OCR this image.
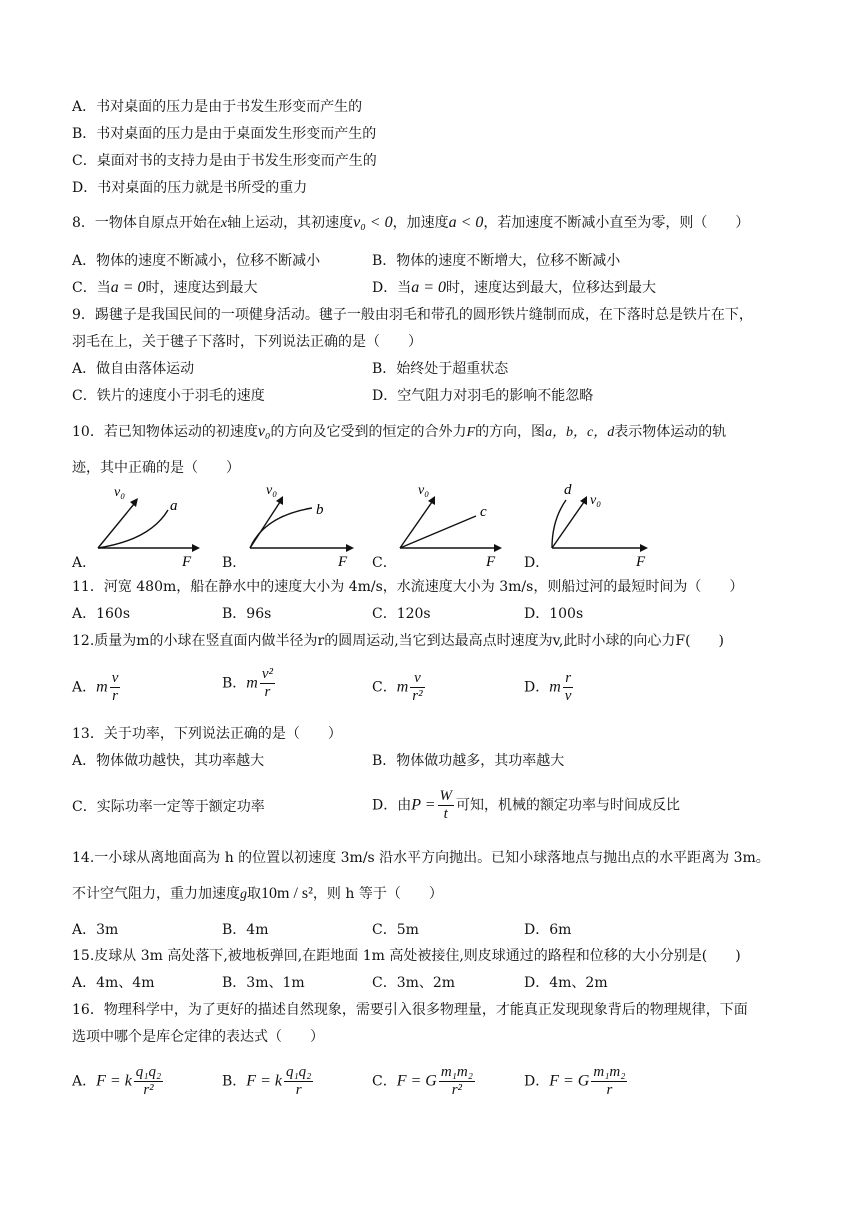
A．书对桌面的压力是由于书发生形变而产生的
B．书对桌面的压力是由于桌面发生形变而产生的
C．桌面对书的支持力是由于书发生形变而产生的
D．书对桌面的压力就是书所受的重力
8．一物体自原点开始在x轴上运动，其初速度v₀ < 0，加速度a < 0，若加速度不断减小直至为零，则（　　）
A．物体的速度不断减小，位移不断减小	B．物体的速度不断增大，位移不断减小
C．当a = 0时，速度达到最大	D．当a = 0时，速度达到最大，位移达到最大
9．踢毽子是我国民间的一项健身活动。毽子一般由羽毛和带孔的圆形铁片缝制而成，在下落时总是铁片在下，
羽毛在上，关于毽子下落时，下列说法正确的是（　　）
A．做自由落体运动	B．始终处于超重状态
C．铁片的速度小于羽毛的速度	D．空气阻力对羽毛的影响不能忽略
10．若已知物体运动的初速度v₀的方向及它受到的恒定的合外力F的方向，图a，b，c，d表示物体运动的轨
迹，其中正确的是（　　）
A．
v₀
a
F B．
v₀
b
F C．
v₀
c
F D．
d
v₀
F
11．河宽 480m，船在静水中的速度大小为 4m/s，水流速度大小为 3m/s，则船过河的最短时间为（　　）
A．160s	B．96s	C．120s	D．100s
12.质量为m的小球在竖直面内做半径为r的圆周运动,当它到达最高点时速度为v,此时小球的向心力F(　　)
A．m $\frac{v}{r}$	B．m $\frac{\text{v²}}{r}$	C．m $\frac{v}{\text{r²}}$	D．m $\frac{r}{v}$
13．关于功率，下列说法正确的是（　　）
A．物体做功越快，其功率越大	B．物体做功越多，其功率越大
C．实际功率一定等于额定功率	D．由$P = \frac{W}{t}$ 可知，机械的额定功率与时间成反比
14.一小球从离地面高为 h 的位置以初速度 3m/s 沿水平方向抛出。已知小球落地点与抛出点的水平距离为 3m。
不计空气阻力，重力加速度g取10m / s²，则 h 等于（　　）
A．3m	B．4m	C．5m	D．6m
15.皮球从 3m 高处落下,被地板弹回,在距地面 1m 高处被接住,则皮球通过的路程和位移的大小分别是(　　)
A．4m、4m	B．3m、1m	C．3m、2m	D．4m、2m
16．物理科学中，为了更好的描述自然现象，需要引入很多物理量，才能真正发现现象背后的物理规律，下面
选项中哪个是库仑定律的表达式（　　）
A．F = k $\frac{\text{q₁q₂}}{\text{r²}}$	B．F = k $\frac{\text{q₁q₂}}{r}$	C．F = G $\frac{\text{m₁m₂}}{\text{r²}}$	D．F = G $\frac{\text{m₁m₂}}{r}$
